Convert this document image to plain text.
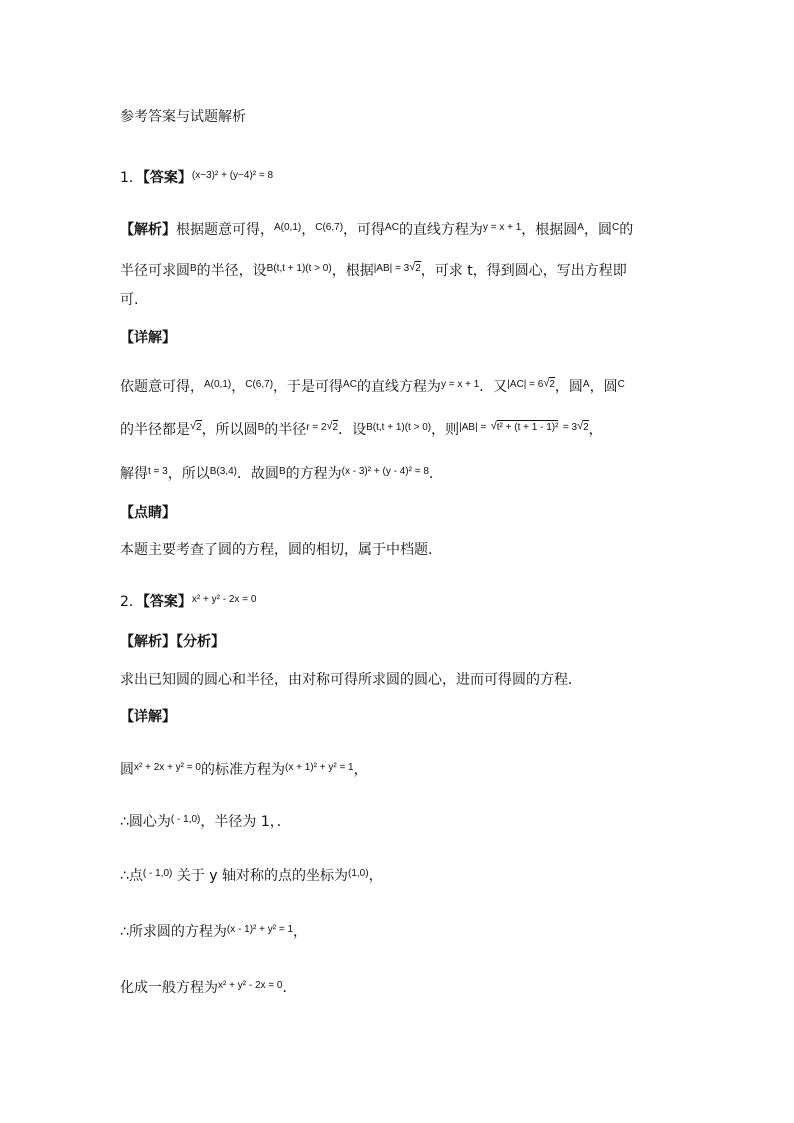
参考答案与试题解析
1．【答案】$^{(x-3)^2 + (y-4)^2 = 8}$
【解析】根据题意可得，$^{A(0,1)}$，$^{C(6,7)}$，可得$^{AC}$的直线方程为$^{y = x + 1}$，根据圆$^A$，圆$^C$的
半径可求圆$^B$的半径，设$^{B(t,t + 1)(t > 0)}$，根据$^{|AB| = 3}$ √ 2，可求 t，得到圆心，写出方程即
可.
【详解】
依题意可得，$^{A(0,1)}$，$^{C(6,7)}$，于是可得$^{AC}$的直线方程为$^{y = x + 1}$．又$^{|AC| = 6}$ √ 2，圆$^A$，圆$^C$
的半径都是 √ 2，所以圆$^B$的半径$^{r = 2}$ √ 2．设$^{B(t,t + 1)(t > 0)}$，则$^{|AB| =}$ √ t² + (t + 1 - 1)² $^{= 3}$ √ 2，
解得$^{t = 3}$，所以$^{B(3,4)}$．故圆$^B$的方程为$^{(x - 3)^2 + (y - 4)^2 = 8}$．
【点睛】
本题主要考查了圆的方程，圆的相切，属于中档题.
2．【答案】$^{x^2 + y^2 - 2x = 0}$
【解析】【分析】
求出已知圆的圆心和半径，由对称可得所求圆的圆心，进而可得圆的方程．
【详解】
圆$^{x^2 + 2x + y^2 = 0}$的标准方程为$^{(x + 1)^2 + y^2 = 1}$，
∴圆心为$^{( - 1,0)}$，半径为 1，．
∴点$^{( - 1,0)}$ 关于 y 轴对称的点的坐标为$^{(1,0)}$，
∴所求圆的方程为$^{(x - 1)^2 + y^2 = 1}$，
化成一般方程为$^{x^2 + y^2 - 2x = 0}$．
